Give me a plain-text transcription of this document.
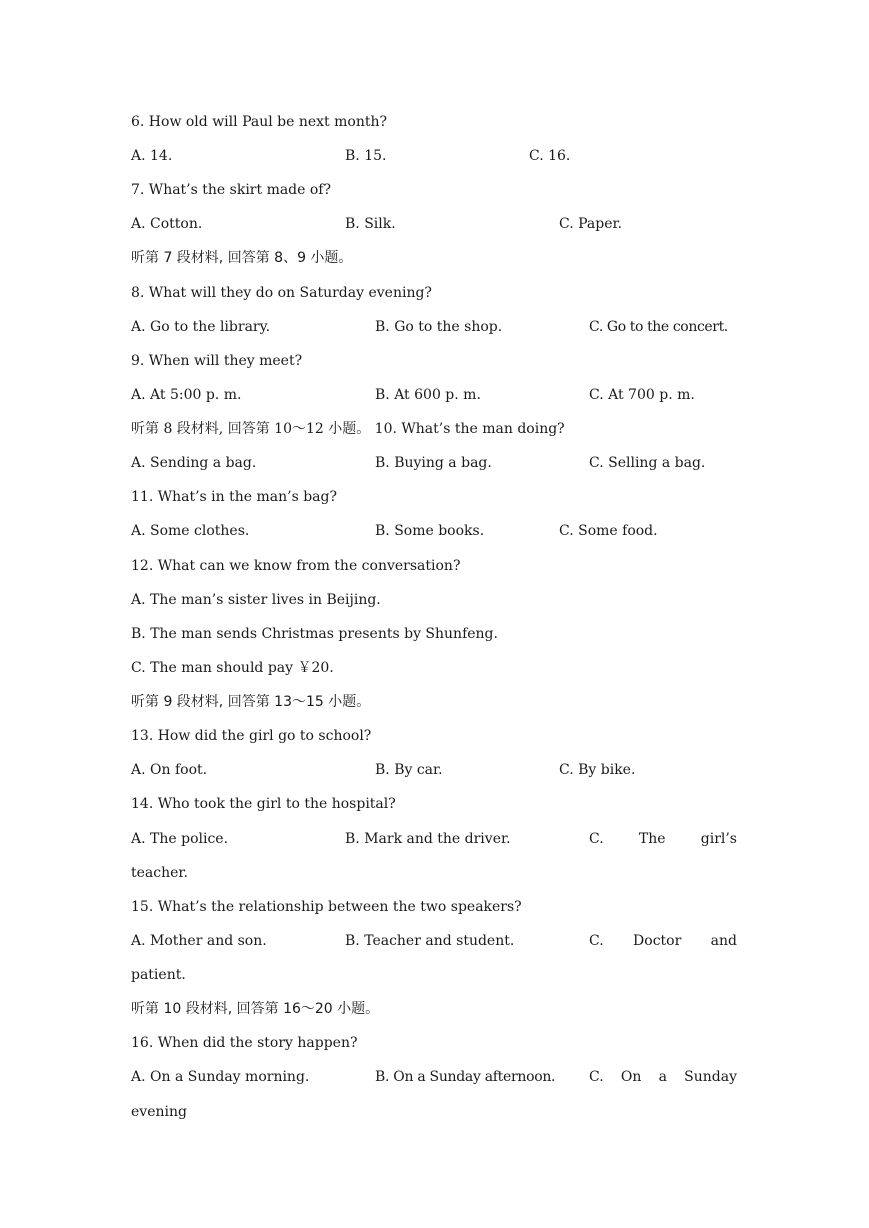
6. How old will Paul be next month?
A. 14.	B. 15.	C. 16.
7. What’s the skirt made of?
A. Cotton.	B. Silk.	C. Paper.
听第 7 段材料, 回答第 8、9 小题。
8. What will they do on Saturday evening?
A. Go to the library.	B. Go to the shop.	C. Go to the concert.
9. When will they meet?
A. At 5:00 p. m.	B. At 600 p. m.	C. At 700 p. m.
听第 8 段材料, 回答第 10～12 小题。 10. What’s the man doing?
A. Sending a bag.	B. Buying a bag.	C. Selling a bag.
11. What’s in the man’s bag?
A. Some clothes.	B. Some books.	C. Some food.
12. What can we know from the conversation?
A. The man’s sister lives in Beijing.
B. The man sends Christmas presents by Shunfeng.
C. The man should pay ￥20.
听第 9 段材料, 回答第 13～15 小题。
13. How did the girl go to school?
A. On foot.	B. By car.	C. By bike.
14. Who took the girl to the hospital?
A. The police.	B. Mark and the driver.	C.	The	girl’s
teacher.
15. What’s the relationship between the two speakers?
A. Mother and son.	B. Teacher and student.	C. Doctor and
patient.
听第 10 段材料, 回答第 16～20 小题。
16. When did the story happen?
A. On a Sunday morning.	B. On a Sunday afternoon. C. On a Sunday
evening
